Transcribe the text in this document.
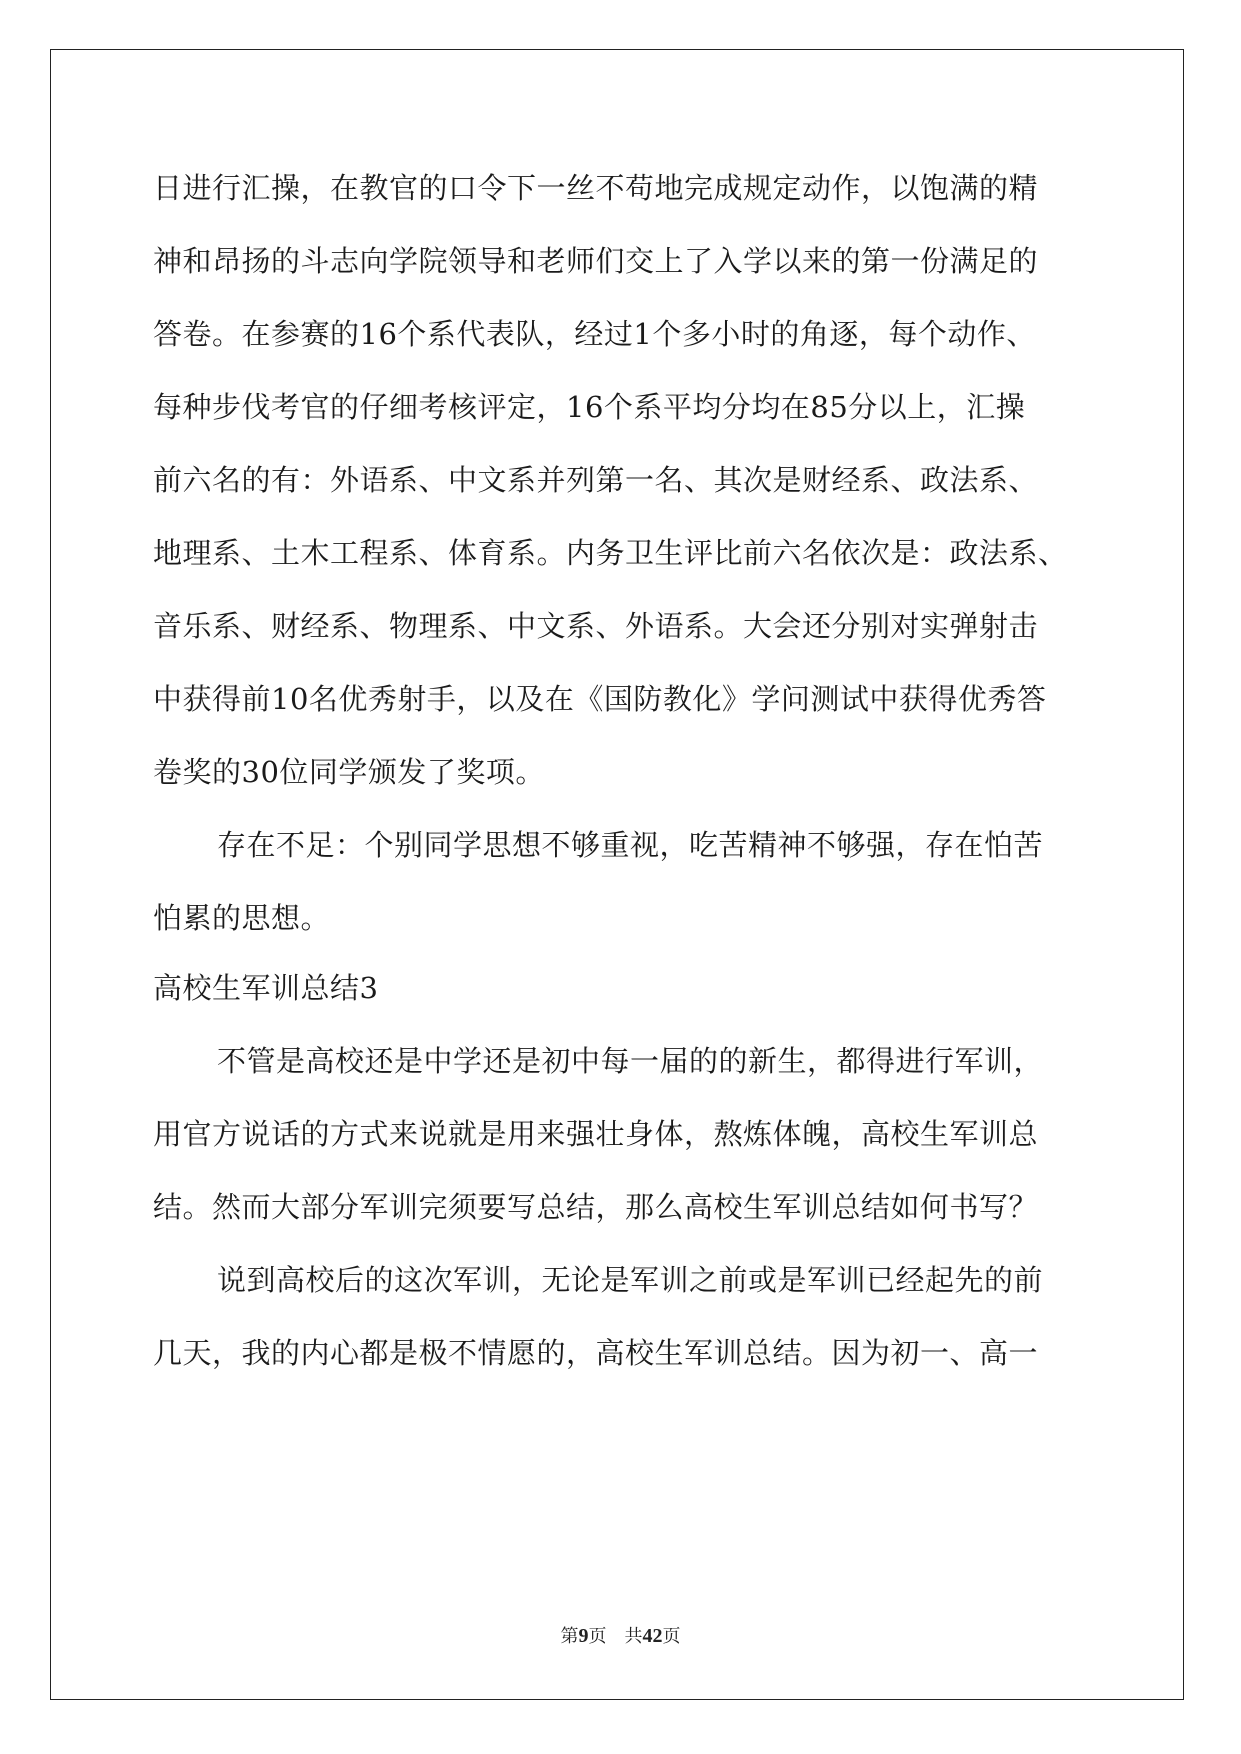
日进行汇操，在教官的口令下一丝不苟地完成规定动作，以饱满的精
神和昂扬的斗志向学院领导和老师们交上了入学以来的第一份满足的
答卷。在参赛的16个系代表队，经过1个多小时的角逐，每个动作、
每种步伐考官的仔细考核评定，16个系平均分均在85分以上，汇操
前六名的有：外语系、中文系并列第一名、其次是财经系、政法系、
地理系、土木工程系、体育系。内务卫生评比前六名依次是：政法系、
音乐系、财经系、物理系、中文系、外语系。大会还分别对实弹射击
中获得前10名优秀射手，以及在《国防教化》学问测试中获得优秀答
卷奖的30位同学颁发了奖项。
存在不足：个别同学思想不够重视，吃苦精神不够强，存在怕苦
怕累的思想。
高校生军训总结3
不管是高校还是中学还是初中每一届的的新生，都得进行军训，
用官方说话的方式来说就是用来强壮身体，熬炼体魄，高校生军训总
结。然而大部分军训完须要写总结，那么高校生军训总结如何书写？
说到高校后的这次军训，无论是军训之前或是军训已经起先的前
几天，我的内心都是极不情愿的，高校生军训总结。因为初一、高一
第9页 共42页
